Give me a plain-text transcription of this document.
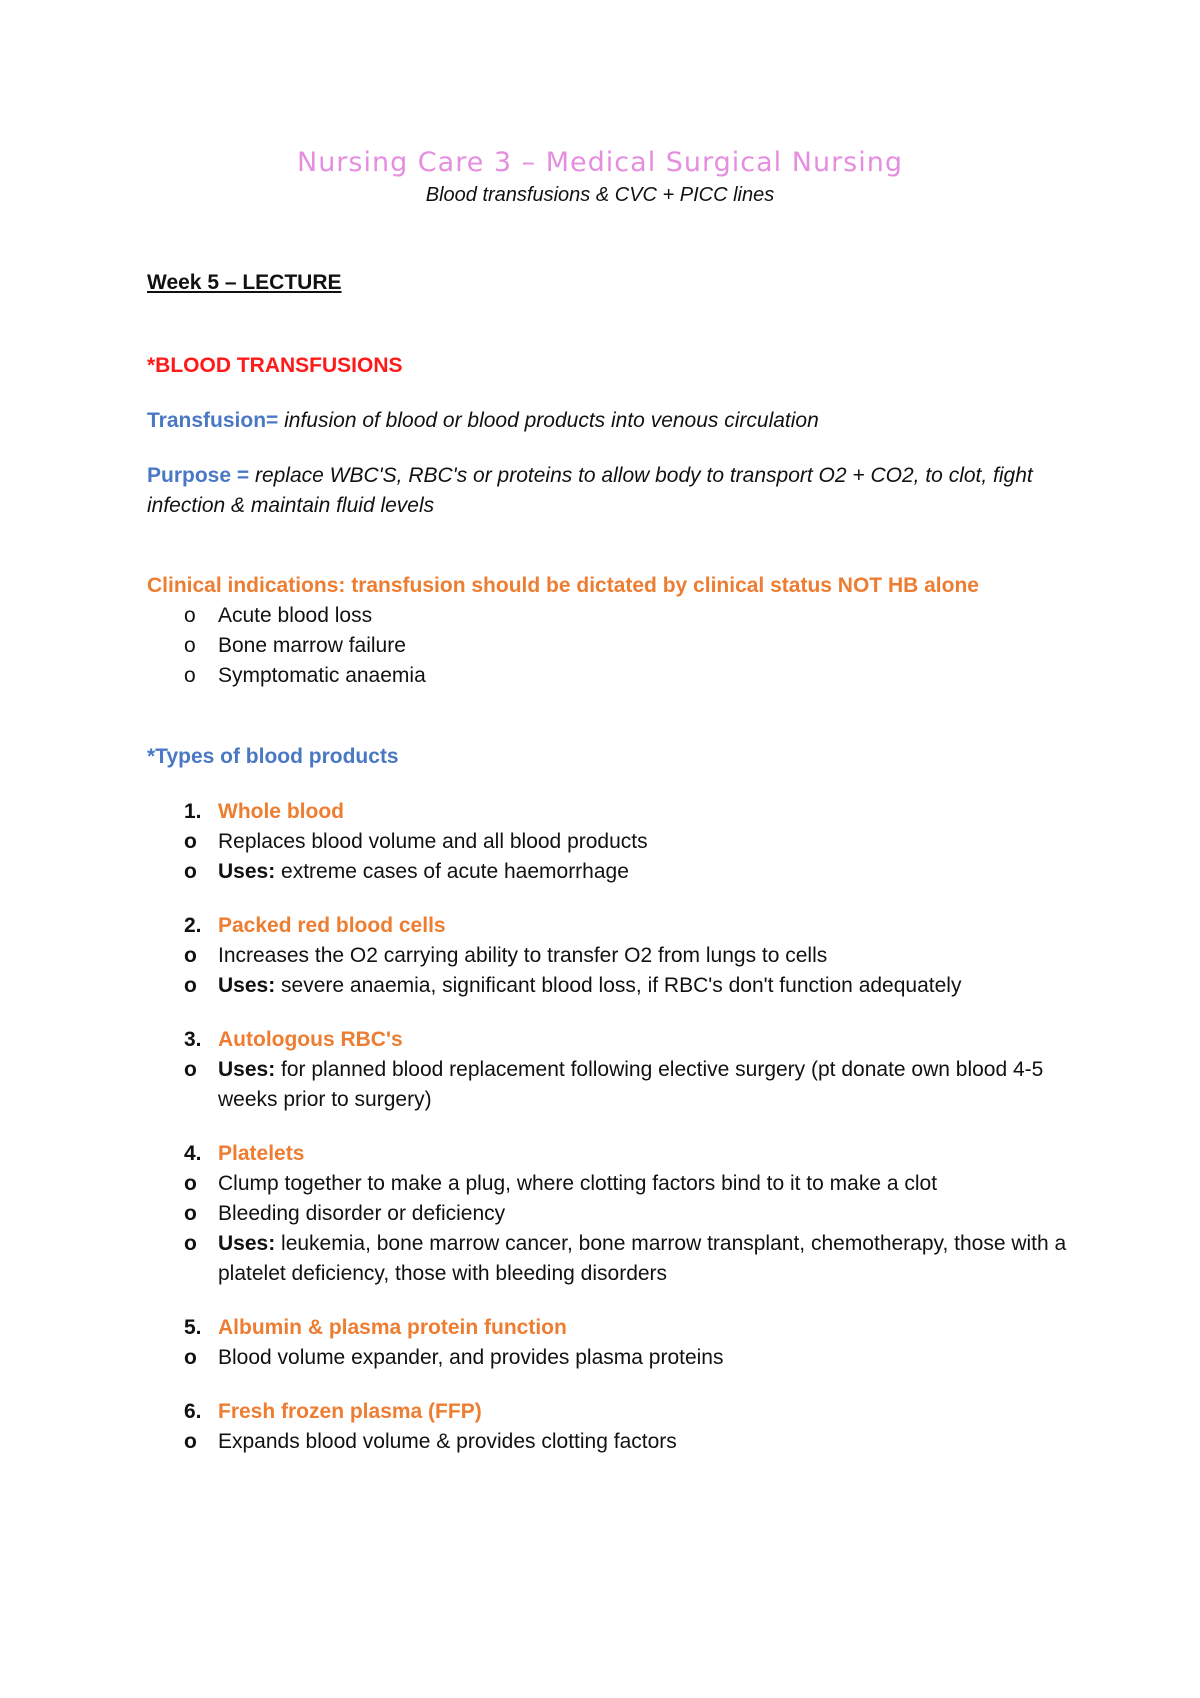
Nursing Care 3 – Medical Surgical Nursing
Blood transfusions & CVC + PICC lines
Week 5 – LECTURE
*BLOOD TRANSFUSIONS
Transfusion= infusion of blood or blood products into venous circulation
Purpose = replace WBC'S, RBC's or proteins to allow body to transport O2 + CO2, to clot, fight infection & maintain fluid levels
Clinical indications: transfusion should be dictated by clinical status NOT HB alone
o Acute blood loss
o Bone marrow failure
o Symptomatic anaemia
*Types of blood products
1. Whole blood
o Replaces blood volume and all blood products
o Uses: extreme cases of acute haemorrhage
2. Packed red blood cells
o Increases the O2 carrying ability to transfer O2 from lungs to cells
o Uses: severe anaemia, significant blood loss, if RBC's don't function adequately
3. Autologous RBC's
o Uses: for planned blood replacement following elective surgery (pt donate own blood 4-5 weeks prior to surgery)
4. Platelets
o Clump together to make a plug, where clotting factors bind to it to make a clot
o Bleeding disorder or deficiency
o Uses: leukemia, bone marrow cancer, bone marrow transplant, chemotherapy, those with a platelet deficiency, those with bleeding disorders
5. Albumin & plasma protein function
o Blood volume expander, and provides plasma proteins
6. Fresh frozen plasma (FFP)
o Expands blood volume & provides clotting factors
